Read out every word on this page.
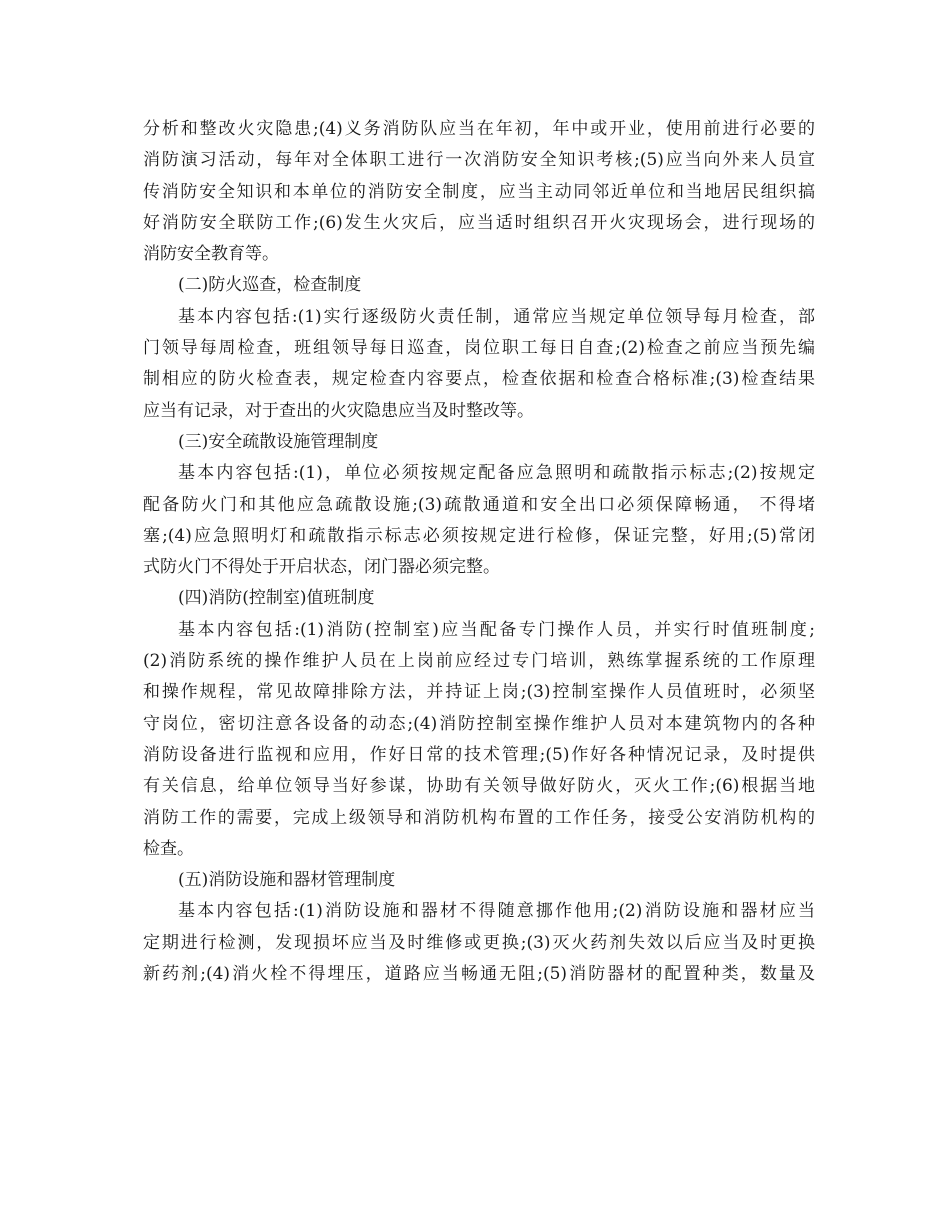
分析和整改火灾隐患;(4)义务消防队应当在年初，年中或开业，使用前进行必要的
消防演习活动，每年对全体职工进行一次消防安全知识考核;(5)应当向外来人员宣
传消防安全知识和本单位的消防安全制度，应当主动同邻近单位和当地居民组织搞
好消防安全联防工作;(6)发生火灾后，应当适时组织召开火灾现场会，进行现场的
消防安全教育等。
(二)防火巡查，检查制度
基本内容包括:(1)实行逐级防火责任制，通常应当规定单位领导每月检查，部
门领导每周检查，班组领导每日巡查，岗位职工每日自查;(2)检查之前应当预先编
制相应的防火检查表，规定检查内容要点，检查依据和检查合格标准;(3)检查结果
应当有记录，对于查出的火灾隐患应当及时整改等。
(三)安全疏散设施管理制度
基本内容包括:(1)，单位必须按规定配备应急照明和疏散指示标志;(2)按规定
配备防火门和其他应急疏散设施;(3)疏散通道和安全出口必须保障畅通， 不得堵
塞;(4)应急照明灯和疏散指示标志必须按规定进行检修，保证完整，好用;(5)常闭
式防火门不得处于开启状态，闭门器必须完整。
(四)消防(控制室)值班制度
基本内容包括:(1)消防(控制室)应当配备专门操作人员，并实行时值班制度;
(2)消防系统的操作维护人员在上岗前应经过专门培训，熟练掌握系统的工作原理
和操作规程，常见故障排除方法，并持证上岗;(3)控制室操作人员值班时，必须坚
守岗位，密切注意各设备的动态;(4)消防控制室操作维护人员对本建筑物内的各种
消防设备进行监视和应用，作好日常的技术管理;(5)作好各种情况记录，及时提供
有关信息，给单位领导当好参谋，协助有关领导做好防火，灭火工作;(6)根据当地
消防工作的需要，完成上级领导和消防机构布置的工作任务，接受公安消防机构的
检查。
(五)消防设施和器材管理制度
基本内容包括:(1)消防设施和器材不得随意挪作他用;(2)消防设施和器材应当
定期进行检测，发现损坏应当及时维修或更换;(3)灭火药剂失效以后应当及时更换
新药剂;(4)消火栓不得埋压，道路应当畅通无阻;(5)消防器材的配置种类，数量及
